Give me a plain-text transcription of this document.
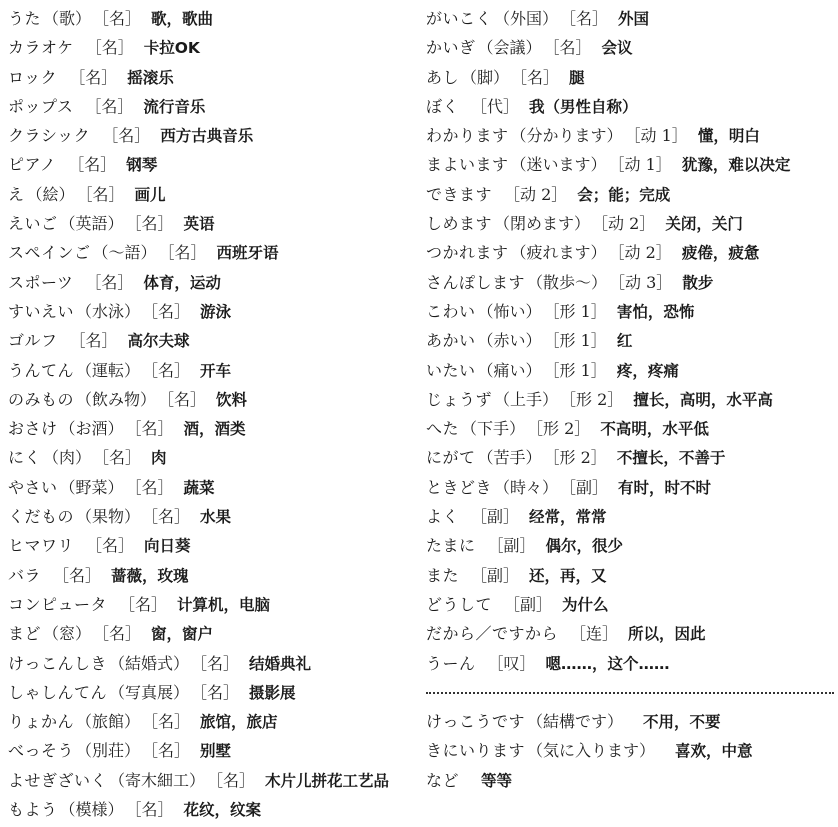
うた （歌） ［名］ 歌，歌曲
カラオケ ［名］ 卡拉OK
ロック ［名］ 摇滚乐
ポップス ［名］ 流行音乐
クラシック ［名］ 西方古典音乐
ピアノ ［名］ 钢琴
え （絵） ［名］ 画儿
えいご （英語） ［名］ 英语
スペインご （～語） ［名］ 西班牙语
スポーツ ［名］ 体育，运动
すいえい （水泳） ［名］ 游泳
ゴルフ ［名］ 高尔夫球
うんてん （運転） ［名］ 开车
のみもの （飲み物） ［名］ 饮料
おさけ （お酒） ［名］ 酒，酒类
にく （肉） ［名］ 肉
やさい （野菜） ［名］ 蔬菜
くだもの （果物） ［名］ 水果
ヒマワリ ［名］ 向日葵
バラ ［名］ 蔷薇，玫瑰
コンピュータ ［名］ 计算机，电脑
まど （窓） ［名］ 窗，窗户
けっこんしき （結婚式） ［名］ 结婚典礼
しゃしんてん （写真展） ［名］ 摄影展
りょかん （旅館） ［名］ 旅馆，旅店
べっそう （別荘） ［名］ 别墅
よせぎざいく （寄木細工） ［名］ 木片儿拼花工艺品
もよう （模様） ［名］ 花纹，纹案
がいこく （外国） ［名］ 外国
かいぎ （会議） ［名］ 会议
あし （脚） ［名］ 腿
ぼく ［代］ 我（男性自称）
わかります （分かります） ［动 1］ 懂，明白
まよいます （迷います） ［动 1］ 犹豫，难以决定
できます ［动 2］ 会；能；完成
しめます （閉めます） ［动 2］ 关闭，关门
つかれます （疲れます） ［动 2］ 疲倦，疲惫
さんぽします （散歩～） ［动 3］ 散步
こわい （怖い） ［形 1］ 害怕，恐怖
あかい （赤い） ［形 1］ 红
いたい （痛い） ［形 1］ 疼，疼痛
じょうず （上手） ［形 2］ 擅长，高明，水平高
へた （下手） ［形 2］ 不高明，水平低
にがて （苦手） ［形 2］ 不擅长，不善于
ときどき （時々） ［副］ 有时，时不时
よく ［副］ 经常，常常
たまに ［副］ 偶尔，很少
また ［副］ 还，再，又
どうして ［副］ 为什么
だから／ですから ［连］ 所以，因此
うーん ［叹］ 嗯……，这个……
けっこうです （結構です） 不用，不要
きにいります （気に入ります） 喜欢，中意
など 等等
